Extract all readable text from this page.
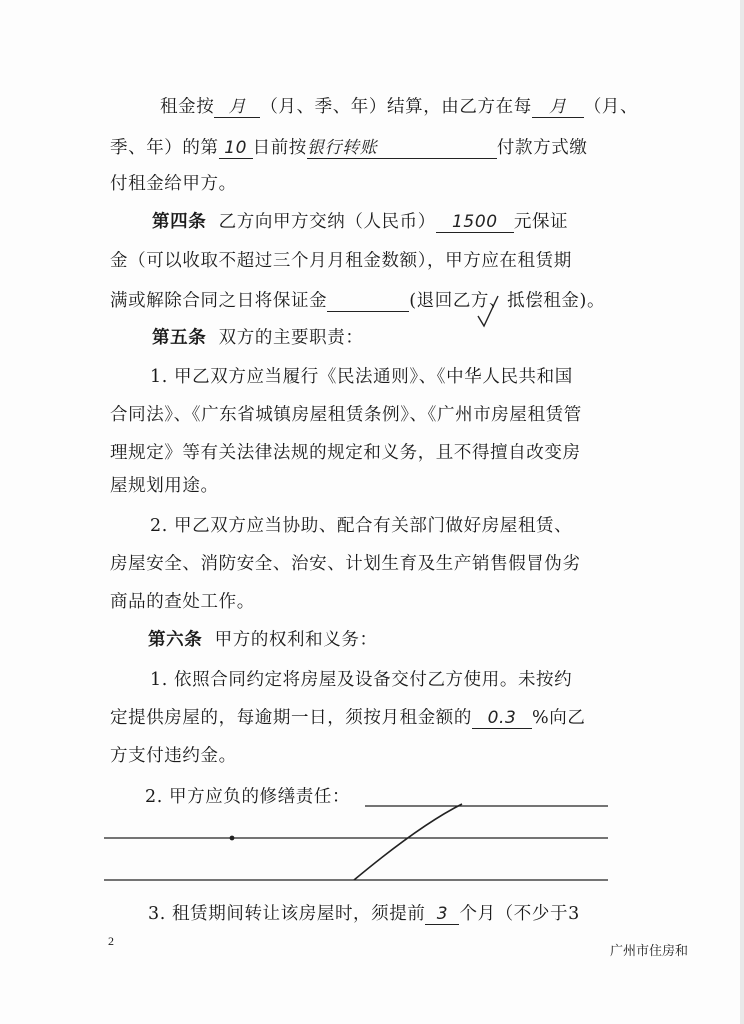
租金按 月 （月、季、年）结算，由乙方在每 月 （月、
季、年）的第 10 日前按银行转账	付款方式缴
付租金给甲方。
第四条 乙方向甲方交纳（人民币） 1500 元保证
金（可以收取不超过三个月月租金数额），甲方应在租赁期
满或解除合同之日将保证金	(退回乙方、抵偿租金)。
第五条 双方的主要职责：
1. 甲乙双方应当履行《民法通则》、《中华人民共和国
合同法》、《广东省城镇房屋租赁条例》、《广州市房屋租赁管
理规定》等有关法律法规的规定和义务，且不得擅自改变房
屋规划用途。
2. 甲乙双方应当协助、配合有关部门做好房屋租赁、
房屋安全、消防安全、治安、计划生育及生产销售假冒伪劣
商品的查处工作。
第六条 甲方的权利和义务：
1. 依照合同约定将房屋及设备交付乙方使用。未按约
定提供房屋的，每逾期一日，须按月租金额的 0.3 %向乙
方支付违约金。
2. 甲方应负的修缮责任：
3. 租赁期间转让该房屋时，须提前 3 个月（不少于3
2
广州市住房和
